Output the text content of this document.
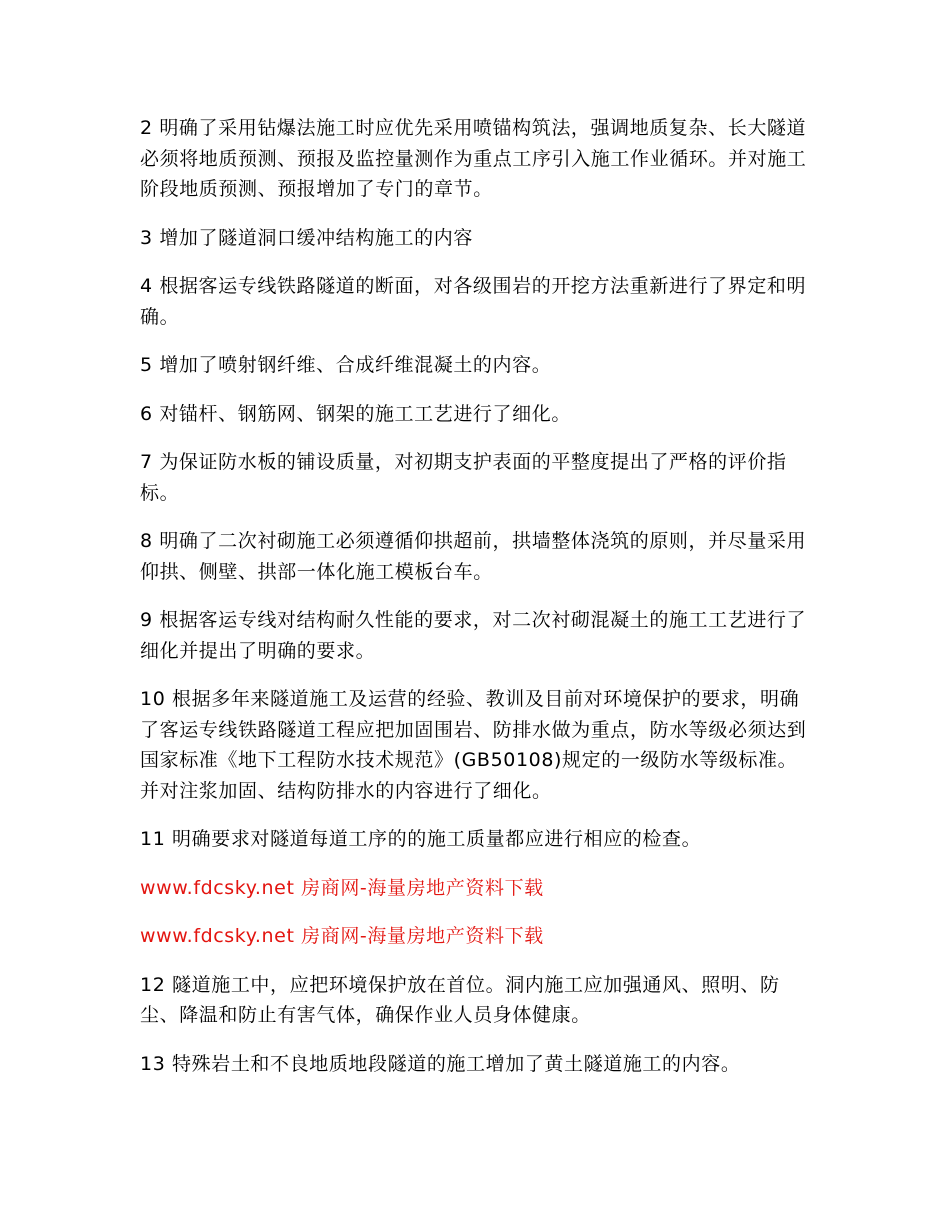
2 明确了采用钻爆法施工时应优先采用喷锚构筑法，强调地质复杂、长大隧道必须将地质预测、预报及监控量测作为重点工序引入施工作业循环。并对施工阶段地质预测、预报增加了专门的章节。

3 增加了隧道洞口缓冲结构施工的内容

4 根据客运专线铁路隧道的断面，对各级围岩的开挖方法重新进行了界定和明确。

5 增加了喷射钢纤维、合成纤维混凝土的内容。

6 对锚杆、钢筋网、钢架的施工工艺进行了细化。

7 为保证防水板的铺设质量，对初期支护表面的平整度提出了严格的评价指标。

8 明确了二次衬砌施工必须遵循仰拱超前，拱墙整体浇筑的原则，并尽量采用仰拱、侧壁、拱部一体化施工模板台车。

9 根据客运专线对结构耐久性能的要求，对二次衬砌混凝土的施工工艺进行了细化并提出了明确的要求。

10 根据多年来隧道施工及运营的经验、教训及目前对环境保护的要求，明确了客运专线铁路隧道工程应把加固围岩、防排水做为重点，防水等级必须达到国家标准《地下工程防水技术规范》(GB50108)规定的一级防水等级标准。并对注浆加固、结构防排水的内容进行了细化。

11 明确要求对隧道每道工序的的施工质量都应进行相应的检查。

www.fdcsky.net 房商网-海量房地产资料下载

www.fdcsky.net 房商网-海量房地产资料下载

12 隧道施工中，应把环境保护放在首位。洞内施工应加强通风、照明、防尘、降温和防止有害气体，确保作业人员身体健康。

13 特殊岩土和不良地质地段隧道的施工增加了黄土隧道施工的内容。
